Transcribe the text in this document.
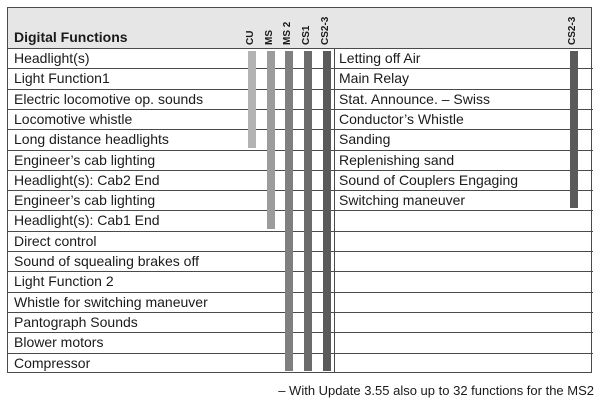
Digital Functions	CU MS MS 2 CS1 CS2-3	CS2-3
Headlight(s)	Letting off Air
Light Function1	Main Relay
Electric locomotive op. sounds	Stat. Announce. – Swiss
Locomotive whistle	Conductor’s Whistle
Long distance headlights	Sanding
Engineer’s cab lighting	Replenishing sand
Headlight(s): Cab2 End	Sound of Couplers Engaging
Engineer’s cab lighting	Switching maneuver
Headlight(s): Cab1 End
Direct control
Sound of squealing brakes off
Light Function 2
Whistle for switching maneuver
Pantograph Sounds
Blower motors
Compressor
– With Update 3.55 also up to 32 functions for the MS2
